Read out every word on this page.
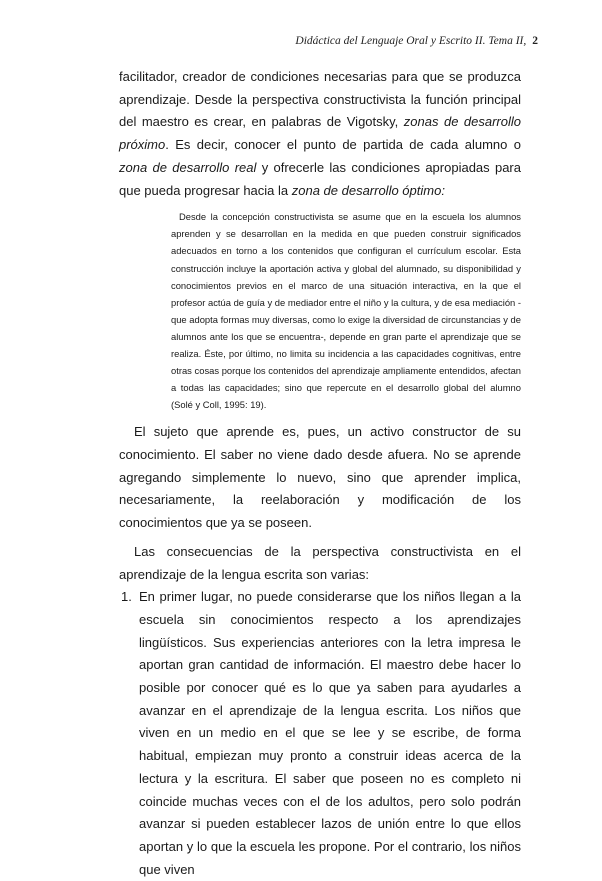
Didáctica del Lenguaje Oral y Escrito II. Tema II, 2

facilitador, creador de condiciones necesarias para que se produzca aprendizaje. Desde la perspectiva constructivista la función principal del maestro es crear, en palabras de Vigotsky, zonas de desarrollo próximo. Es decir, conocer el punto de partida de cada alumno o zona de desarrollo real y ofrecerle las condiciones apropiadas para que pueda progresar hacia la zona de desarrollo óptimo:

Desde la concepción constructivista se asume que en la escuela los alumnos aprenden y se desarrollan en la medida en que pueden construir significados adecuados en torno a los contenidos que configuran el currículum escolar. Esta construcción incluye la aportación activa y global del alumnado, su disponibilidad y conocimientos previos en el marco de una situación interactiva, en la que el profesor actúa de guía y de mediador entre el niño y la cultura, y de esa mediación -que adopta formas muy diversas, como lo exige la diversidad de circunstancias y de alumnos ante los que se encuentra-, depende en gran parte el aprendizaje que se realiza. Éste, por último, no limita su incidencia a las capacidades cognitivas, entre otras cosas porque los contenidos del aprendizaje ampliamente entendidos, afectan a todas las capacidades; sino que repercute en el desarrollo global del alumno (Solé y Coll, 1995: 19).

El sujeto que aprende es, pues, un activo constructor de su conocimiento. El saber no viene dado desde afuera. No se aprende agregando simplemente lo nuevo, sino que aprender implica, necesariamente, la reelaboración y modificación de los conocimientos que ya se poseen.

Las consecuencias de la perspectiva constructivista en el aprendizaje de la lengua escrita son varias:

1. En primer lugar, no puede considerarse que los niños llegan a la escuela sin conocimientos respecto a los aprendizajes lingüísticos. Sus experiencias anteriores con la letra impresa le aportan gran cantidad de información. El maestro debe hacer lo posible por conocer qué es lo que ya saben para ayudarles a avanzar en el aprendizaje de la lengua escrita. Los niños que viven en un medio en el que se lee y se escribe, de forma habitual, empiezan muy pronto a construir ideas acerca de la lectura y la escritura. El saber que poseen no es completo ni coincide muchas veces con el de los adultos, pero solo podrán avanzar si pueden establecer lazos de unión entre lo que ellos aportan y lo que la escuela les propone. Por el contrario, los niños que viven
